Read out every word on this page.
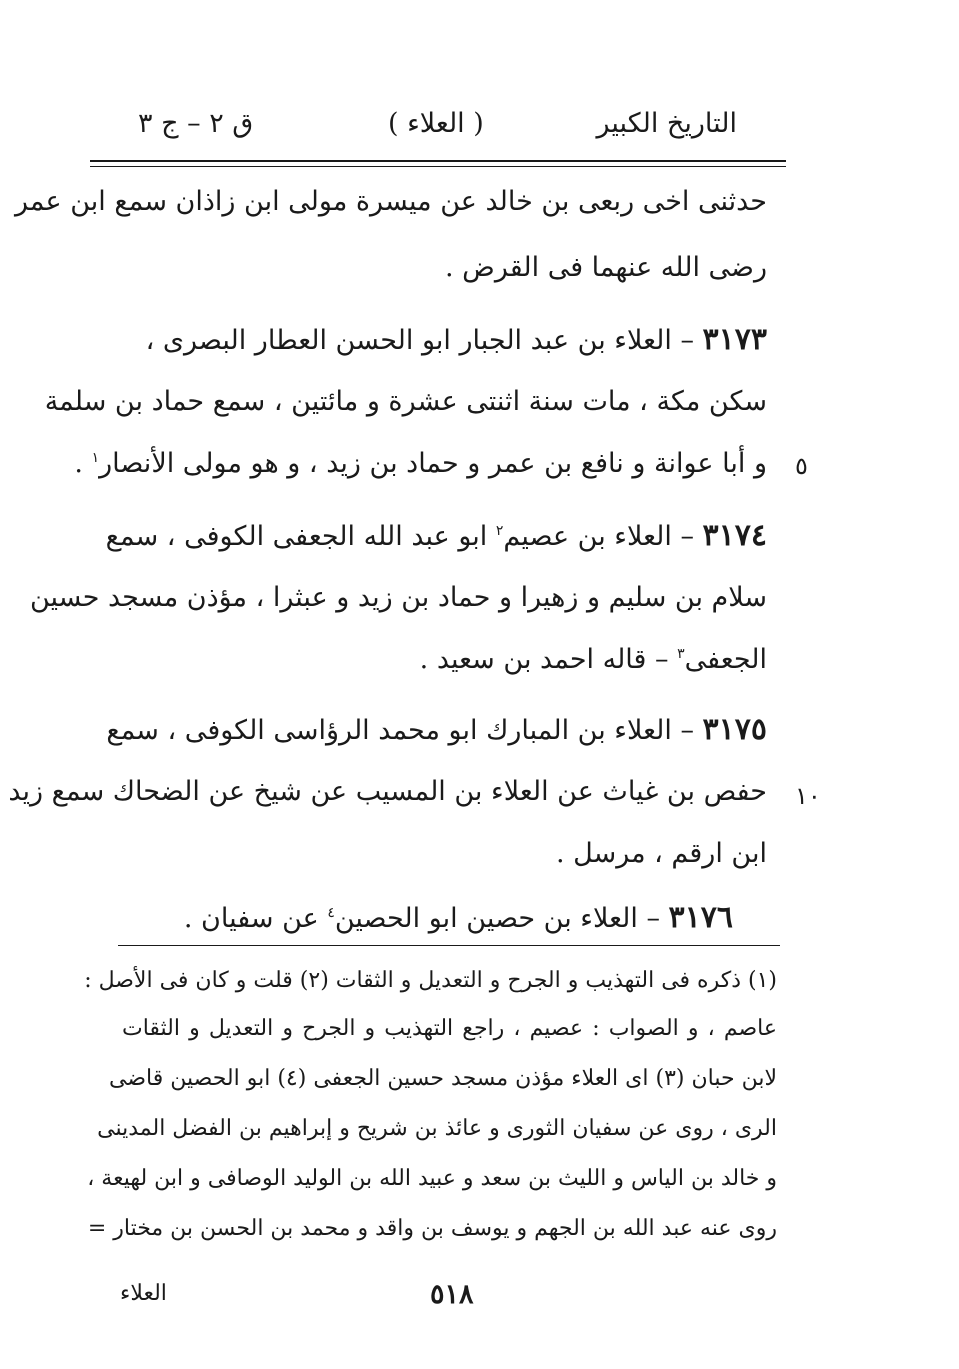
التاريخ الكبير
( العلاء )
ق ٢ – ج ٣
حدثنى اخى ربعى بن خالد عن ميسرة مولى ابن زاذان سمع ابن عمر
رضى الله عنهما فى القرض .
٣١٧٣ – العلاء بن عبد الجبار ابو الحسن العطار البصرى ،
سكن مكة ، مات سنة اثنتى عشرة و مائتين ، سمع حماد بن سلمة
و أبا عوانة و نافع بن عمر و حماد بن زيد ، و هو مولى الأنصار$^١$ .	٥
٣١٧٤ – العلاء بن عصيم$^٢$ ابو عبد الله الجعفى الكوفى ، سمع
سلام بن سليم و زهيرا و حماد بن زيد و عبثرا ، مؤذن مسجد حسين
الجعفى$^٣$ – قاله احمد بن سعيد .
٣١٧٥ – العلاء بن المبارك ابو محمد الرؤاسى الكوفى ، سمع
حفص بن غياث عن العلاء بن المسيب عن شيخ عن الضحاك سمع زيد ١٠
ابن ارقم ، مرسل .
٣١٧٦ – العلاء بن حصين ابو الحصين$^٤$ عن سفيان .
(١) ذكره فى التهذيب و الجرح و التعديل و الثقات (٢) قلت و كان فى الأصل :
عاصم ، و الصواب : عصيم ، راجع التهذيب و الجرح و التعديل و الثقات
لابن حبان (٣) اى العلاء مؤذن مسجد حسين الجعفى (٤) ابو الحصين قاضى
الرى ، روى عن سفيان الثورى و عائذ بن شريح و إبراهيم بن الفضل المدينى
و خالد بن الياس و الليث بن سعد و عبيد الله بن الوليد الوصافى و ابن لهيعة ،
روى عنه عبد الله بن الجهم و يوسف بن واقد و محمد بن الحسن بن مختار =
٥١٨
العلاء
